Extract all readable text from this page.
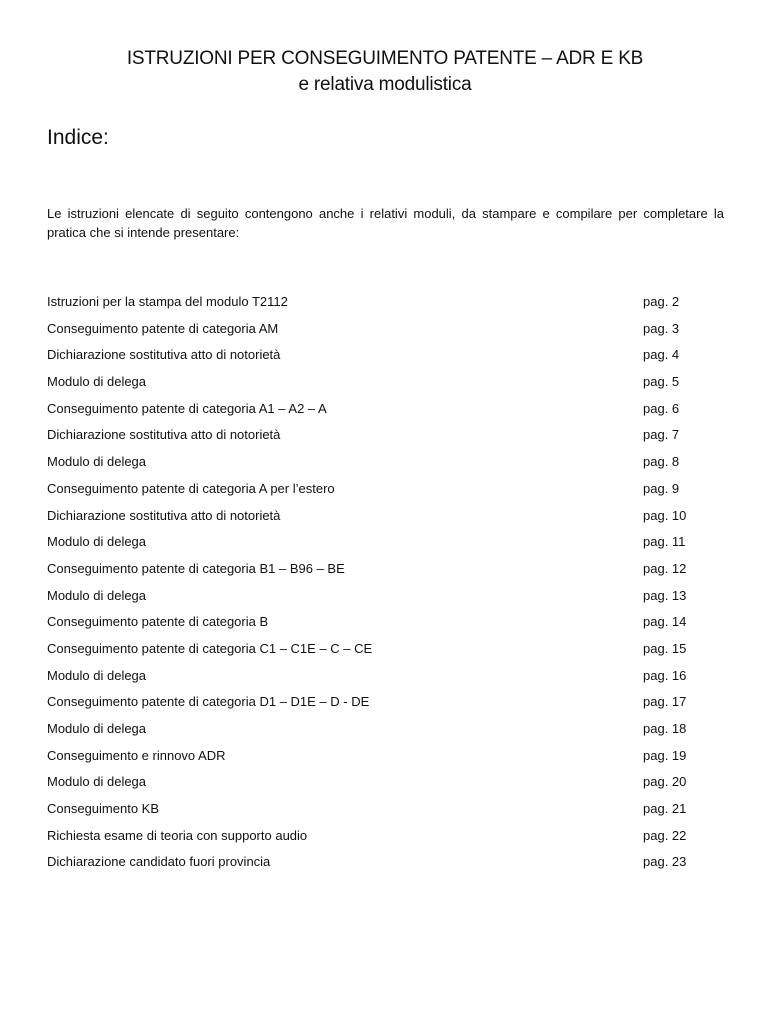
ISTRUZIONI PER CONSEGUIMENTO PATENTE – ADR E KB
e relativa modulistica
Indice:
Le istruzioni elencate di seguito contengono anche i relativi moduli, da stampare e compilare per completare la pratica che si intende presentare:
Istruzioni per la stampa del modulo T2112	pag. 2
Conseguimento patente di categoria AM	pag. 3
Dichiarazione sostitutiva atto di notorietà	pag. 4
Modulo di delega	pag. 5
Conseguimento patente di categoria A1 – A2 – A	pag. 6
Dichiarazione sostitutiva atto di notorietà	pag. 7
Modulo di delega	pag. 8
Conseguimento patente di categoria A per l’estero	pag. 9
Dichiarazione sostitutiva atto di notorietà	pag. 10
Modulo di delega	pag. 11
Conseguimento patente di categoria B1 – B96 – BE	pag. 12
Modulo di delega	pag. 13
Conseguimento patente di categoria B	pag. 14
Conseguimento patente di categoria C1 – C1E – C – CE	pag. 15
Modulo di delega	pag. 16
Conseguimento patente di categoria D1 – D1E – D - DE	pag. 17
Modulo di delega	pag. 18
Conseguimento e rinnovo ADR	pag. 19
Modulo di delega	pag. 20
Conseguimento KB	pag. 21
Richiesta esame di teoria con supporto audio	pag. 22
Dichiarazione candidato fuori provincia	pag. 23
